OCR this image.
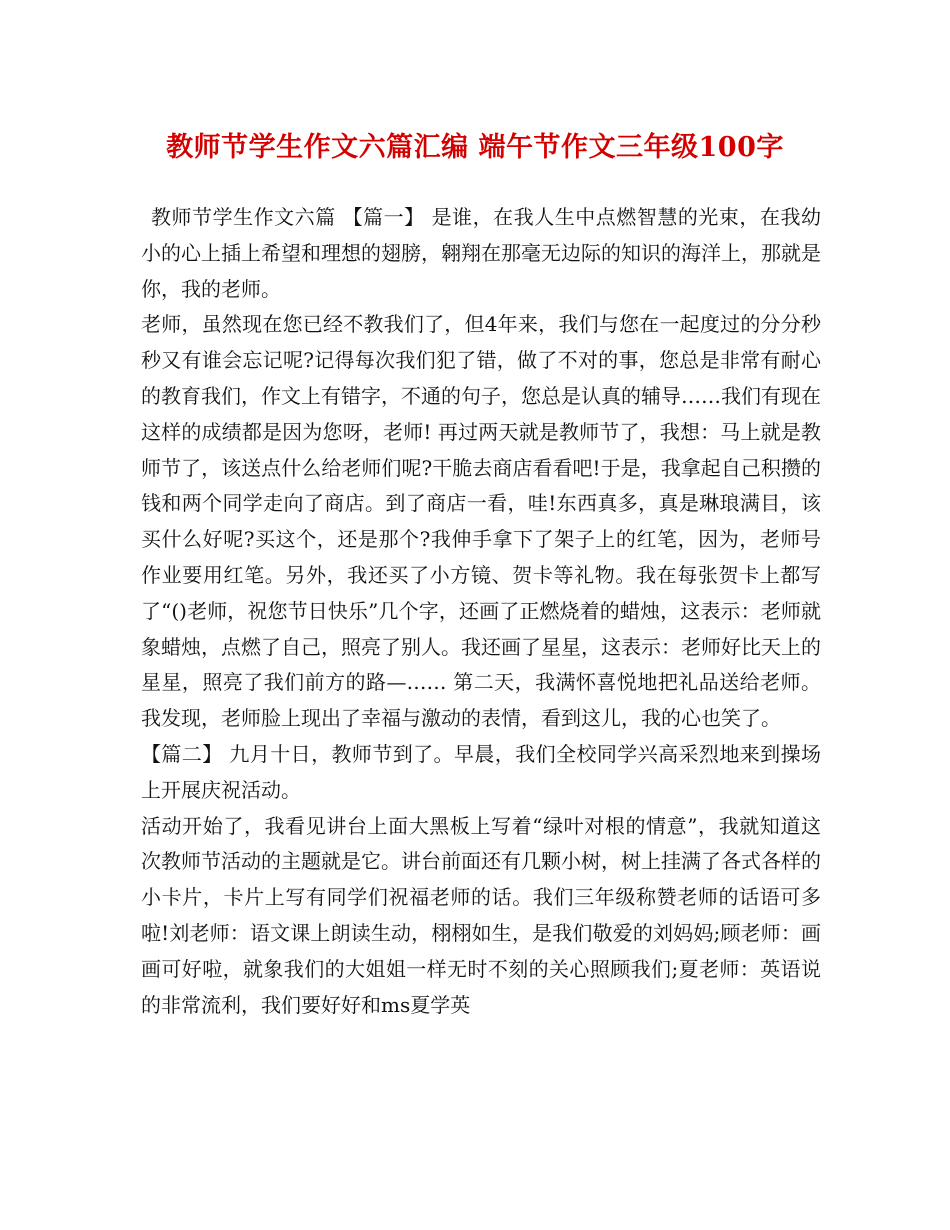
教师节学生作文六篇汇编 端午节作文三年级100字

教师节学生作文六篇 【篇一】 是谁，在我人生中点燃智慧的光束，在我幼小的心上插上希望和理想的翅膀，翱翔在那毫无边际的知识的海洋上，那就是你，我的老师。

老师，虽然现在您已经不教我们了，但4年来，我们与您在一起度过的分分秒秒又有谁会忘记呢?记得每次我们犯了错，做了不对的事，您总是非常有耐心的教育我们，作文上有错字，不通的句子，您总是认真的辅导……我们有现在这样的成绩都是因为您呀，老师! 再过两天就是教师节了，我想：马上就是教师节了，该送点什么给老师们呢?干脆去商店看看吧!于是，我拿起自己积攒的钱和两个同学走向了商店。到了商店一看，哇!东西真多，真是琳琅满目，该买什么好呢?买这个，还是那个?我伸手拿下了架子上的红笔，因为，老师号作业要用红笔。另外，我还买了小方镜、贺卡等礼物。我在每张贺卡上都写了“()老师，祝您节日快乐”几个字，还画了正燃烧着的蜡烛，这表示：老师就象蜡烛，点燃了自己，照亮了别人。我还画了星星，这表示：老师好比天上的星星，照亮了我们前方的路—…… 第二天，我满怀喜悦地把礼品送给老师。我发现，老师脸上现出了幸福与激动的表情，看到这儿，我的心也笑了。

【篇二】 九月十日，教师节到了。早晨，我们全校同学兴高采烈地来到操场上开展庆祝活动。

活动开始了，我看见讲台上面大黑板上写着“绿叶对根的情意”，我就知道这次教师节活动的主题就是它。讲台前面还有几颗小树，树上挂满了各式各样的小卡片，卡片上写有同学们祝福老师的话。我们三年级称赞老师的话语可多啦!刘老师：语文课上朗读生动，栩栩如生，是我们敬爱的刘妈妈;顾老师：画画可好啦，就象我们的大姐姐一样无时不刻的关心照顾我们;夏老师：英语说的非常流利，我们要好好和ms夏学英
